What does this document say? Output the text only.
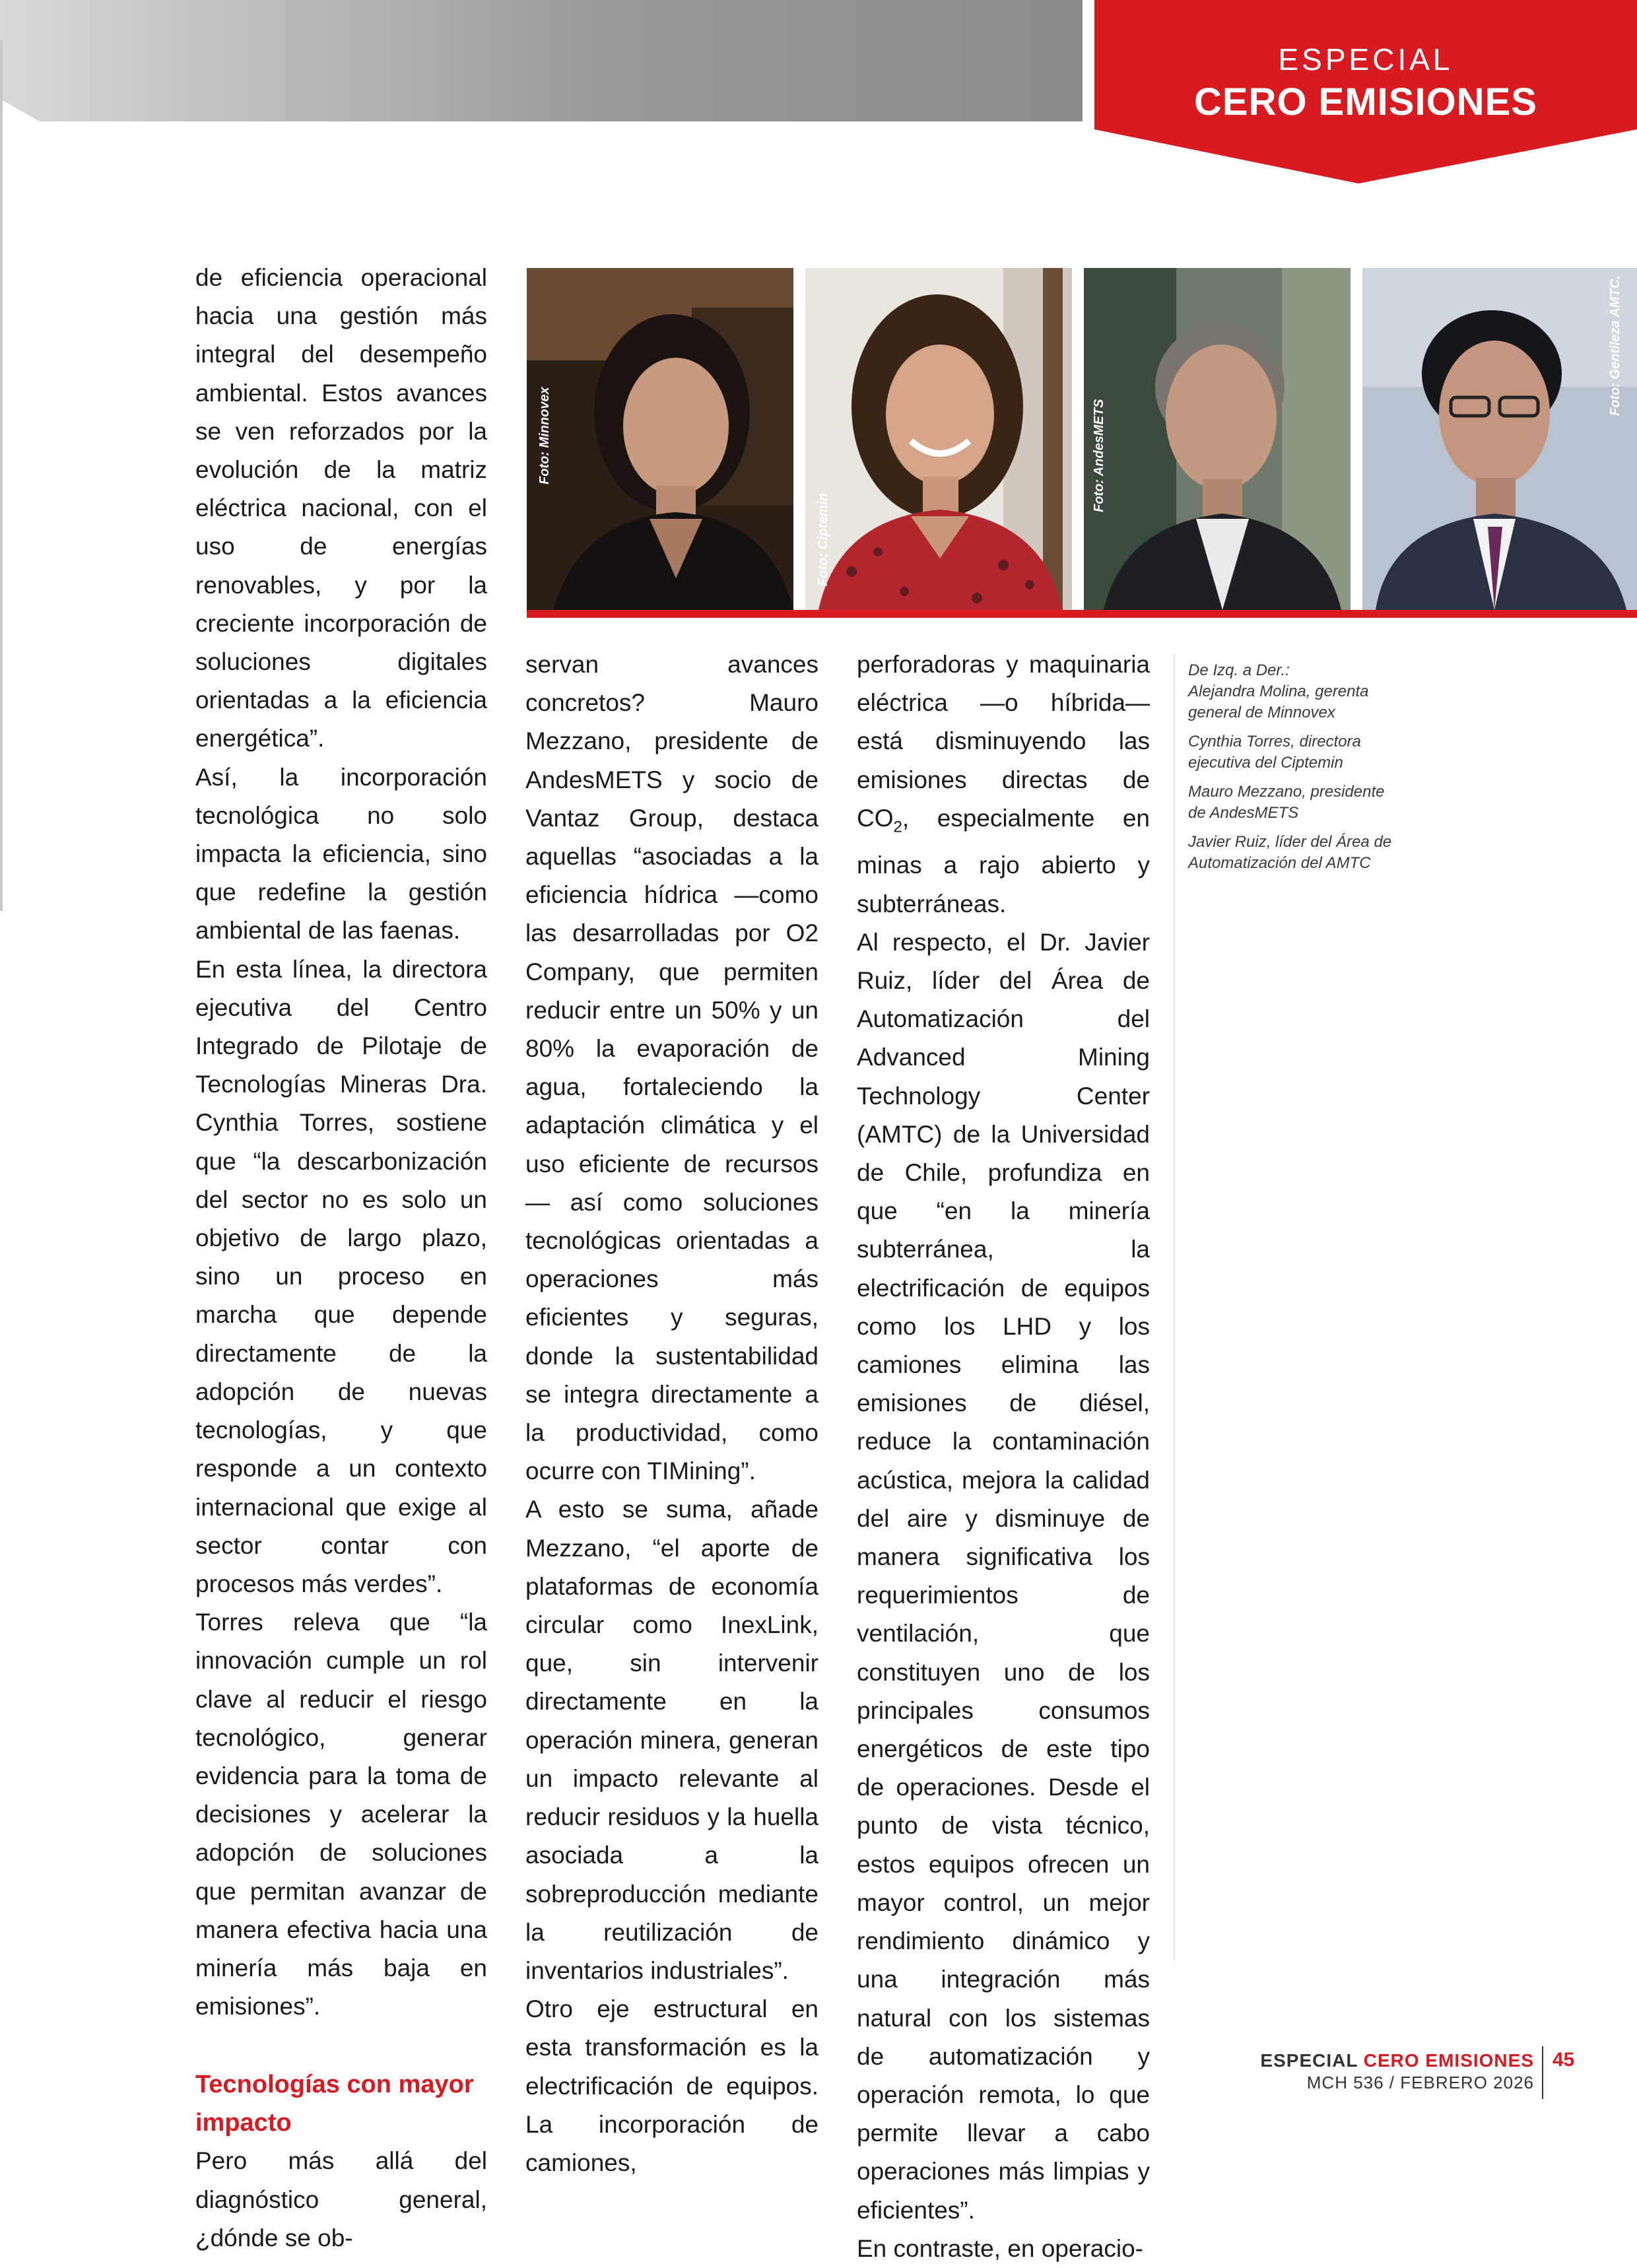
ESPECIAL
CERO EMISIONES
Foto: Minnovex
Foto: Ciptemin
Foto: AndesMETS
Foto: Gentileza AMTC.

de eficiencia operacional hacia una gestión más integral del desempeño ambiental. Estos avances se ven reforzados por la evolución de la matriz eléctrica nacional, con el uso de energías renovables, y por la creciente incorporación de soluciones digitales orientadas a la eficiencia energética”.

Así, la incorporación tecnológica no solo impacta la eficiencia, sino que redefine la gestión ambiental de las faenas.

En esta línea, la directora ejecutiva del Centro Integrado de Pilotaje de Tecnologías Mineras Dra. Cynthia Torres, sostiene que “la descarbonización del sector no es solo un objetivo de largo plazo, sino un proceso en marcha que depende directamente de la adopción de nuevas tecnologías, y que responde a un contexto internacional que exige al sector contar con procesos más verdes”.

Torres releva que “la innovación cumple un rol clave al reducir el riesgo tecnológico, generar evidencia para la toma de decisiones y acelerar la adopción de soluciones que permitan avanzar de manera efectiva hacia una minería más baja en emisiones”.

Tecnologías con mayor impacto

Pero más allá del diagnóstico general, ¿dónde se ob-

servan avances concretos? Mauro Mezzano, presidente de AndesMETS y socio de Vantaz Group, destaca aquellas “asociadas a la eficiencia hídrica —como las desarrolladas por O2 Company, que permiten reducir entre un 50% y un 80% la evaporación de agua, fortaleciendo la adaptación climática y el uso eficiente de recursos— así como soluciones tecnológicas orientadas a operaciones más eficientes y seguras, donde la sustentabilidad se integra directamente a la productividad, como ocurre con TIMining”.

A esto se suma, añade Mezzano, “el aporte de plataformas de economía circular como InexLink, que, sin intervenir directamente en la operación minera, generan un impacto relevante al reducir residuos y la huella asociada a la sobreproducción mediante la reutilización de inventarios industriales”.

Otro eje estructural en esta transformación es la electrificación de equipos. La incorporación de camiones,

perforadoras y maquinaria eléctrica —o híbrida— está disminuyendo las emisiones directas de $CO_2$, especialmente en minas a rajo abierto y subterráneas.

Al respecto, el Dr. Javier Ruiz, líder del Área de Automatización del Advanced Mining Technology Center (AMTC) de la Universidad de Chile, profundiza en que “en la minería subterránea, la electrificación de equipos como los LHD y los camiones elimina las emisiones de diésel, reduce la contaminación acústica, mejora la calidad del aire y disminuye de manera significativa los requerimientos de ventilación, que constituyen uno de los principales consumos energéticos de este tipo de operaciones. Desde el punto de vista técnico, estos equipos ofrecen un mayor control, un mejor rendimiento dinámico y una integración más natural con los sistemas de automatización y operación remota, lo que permite llevar a cabo operaciones más limpias y eficientes”.

En contraste, en operacio-

De Izq. a Der.:
Alejandra Molina, gerenta general de Minnovex
Cynthia Torres, directora ejecutiva del Ciptemin
Mauro Mezzano, presidente de AndesMETS
Javier Ruiz, líder del Área de Automatización del AMTC
ESPECIAL CERO EMISIONES
MCH 536 / FEBRERO 2026
45
